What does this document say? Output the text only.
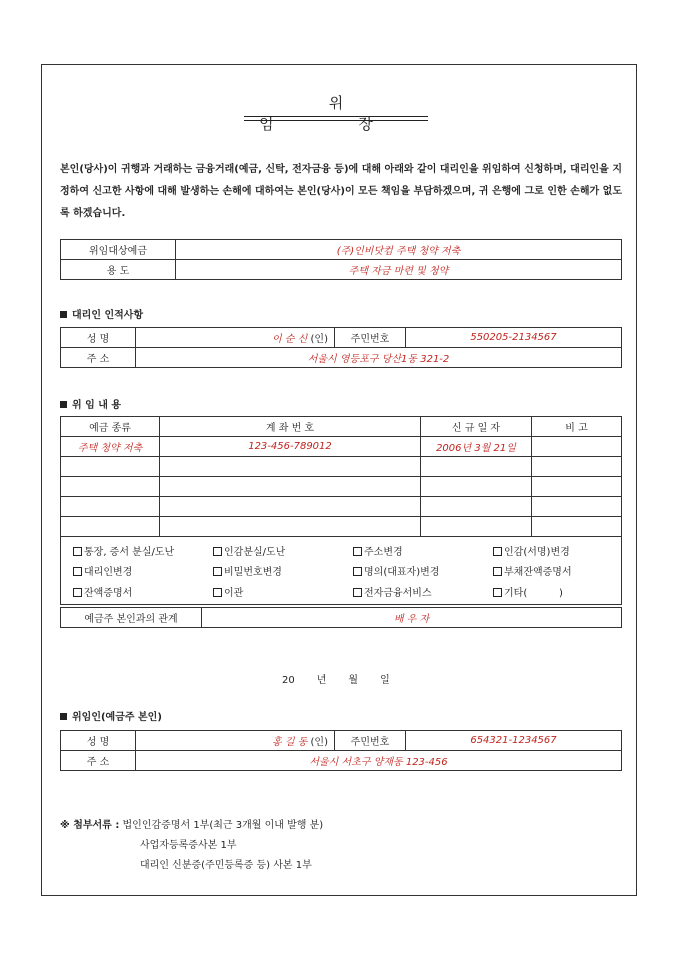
위 임 장
본인(당사)이 귀행과 거래하는 금융거래(예금, 신탁, 전자금융 등)에 대해 아래와 같이 대리인을 위임하여 신청하며, 대리인을 지정하여 신고한 사항에 대해 발생하는 손해에 대하여는 본인(당사)이 모든 책임을 부담하겠으며, 귀 은행에 그로 인한 손해가 없도록 하겠습니다.
위임대상예금	(주)인비닷컴 주택 청약 저축
용 도	주택 자금 마련 및 청약
대리인 인적사항
성 명	이 순 신 (인)	주민번호	550205-2134567
주 소	서울시 영등포구 당산1동 321-2		
위 임 내 용
예금 종류	계 좌 번 호	신 규 일 자	비 고
주택 청약 저축	123-456-789012	2006년 3월 21일	

통장, 증서 분실/도난	인감분실/도난	주소변경	인감(서명)변경
대리인변경	비밀번호변경	명의(대표자)변경	부채잔액증명서
잔액증명서	이관	전자금융서비스	기타(          )
예금주 본인과의 관계	배 우 자
20 년 월 일
위임인(예금주 본인)
성 명	홍 길 동 (인)	주민번호	654321-1234567
주 소	서울시 서초구 양재동 123-456		
※ 첨부서류 : 법인인감증명서 1부(최근 3개월 이내 발행 분)
사업자등록증사본 1부
대리인 신분증(주민등록증 등) 사본 1부
